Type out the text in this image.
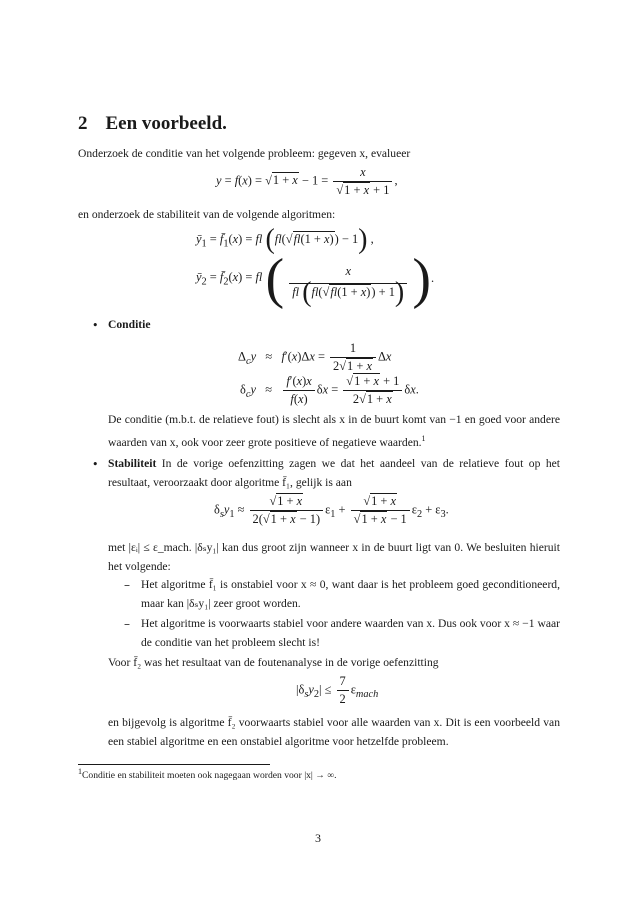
2 Een voorbeeld.
Onderzoek de conditie van het volgende probleem: gegeven x, evalueer
$y = f(x) = √1 + x - 1 = \frac{x}{√1 + x + 1}$ ,
en onderzoek de stabiliteit van de volgende algoritmen:
$ȳ_1$ = $f̄_1(x)$ = fl (fl(√fl(1 + x)) − 1) ,
$ȳ_2$ = $f̄_2(x)$ = fl ( $\frac{x}{fl (fl(√fl(1 + x)) + 1)}$ ).
• Conditie
$\Delta_cy \approx f'(x)\Delta x = \frac{1}{2√1 + x}$ Δx
$\delta_cy \approx \frac{f'(x)x}{f(x)}$ $\delta x = \frac{√1 + x + 1}{2√1 + x} \delta x$.
De conditie (m.b.t. de relatieve fout) is slecht als x in de buurt komt van −1 en goed voor andere waarden van x, ook voor zeer grote positieve of negatieve waarden.$^1$
• Stabiliteit In de vorige oefenzitting zagen we dat het aandeel van de relatieve fout op het resultaat, veroorzaakt door algoritme f̄₁, gelijk is aan
$\delta_sy_1 \approx \frac{√1 + x}{2(√1 + x - 1)} \varepsilon_1 + \frac{√1 + x}{√1 + x - 1} \varepsilon_2 + \varepsilon_3$.
met |εᵢ| ≤ ε_mach. |δₛy₁| kan dus groot zijn wanneer x in de buurt ligt van 0. We besluiten hieruit het volgende:
– Het algoritme f̄₁ is onstabiel voor x ≈ 0, want daar is het probleem goed geconditioneerd, maar kan |δₛy₁| zeer groot worden.
– Het algoritme is voorwaarts stabiel voor andere waarden van x. Dus ook voor x ≈ −1 waar de conditie van het probleem slecht is!
Voor f̄₂ was het resultaat van de foutenanalyse in de vorige oefenzitting
$|\delta_sy_2| \le \frac{7}{2} \varepsilon_{mach}$
en bijgevolg is algoritme f̄₂ voorwaarts stabiel voor alle waarden van x. Dit is een voorbeeld van een stabiel algoritme en een onstabiel algoritme voor hetzelfde probleem.
$^1$Conditie en stabiliteit moeten ook nagegaan worden voor |x| → ∞.
3
